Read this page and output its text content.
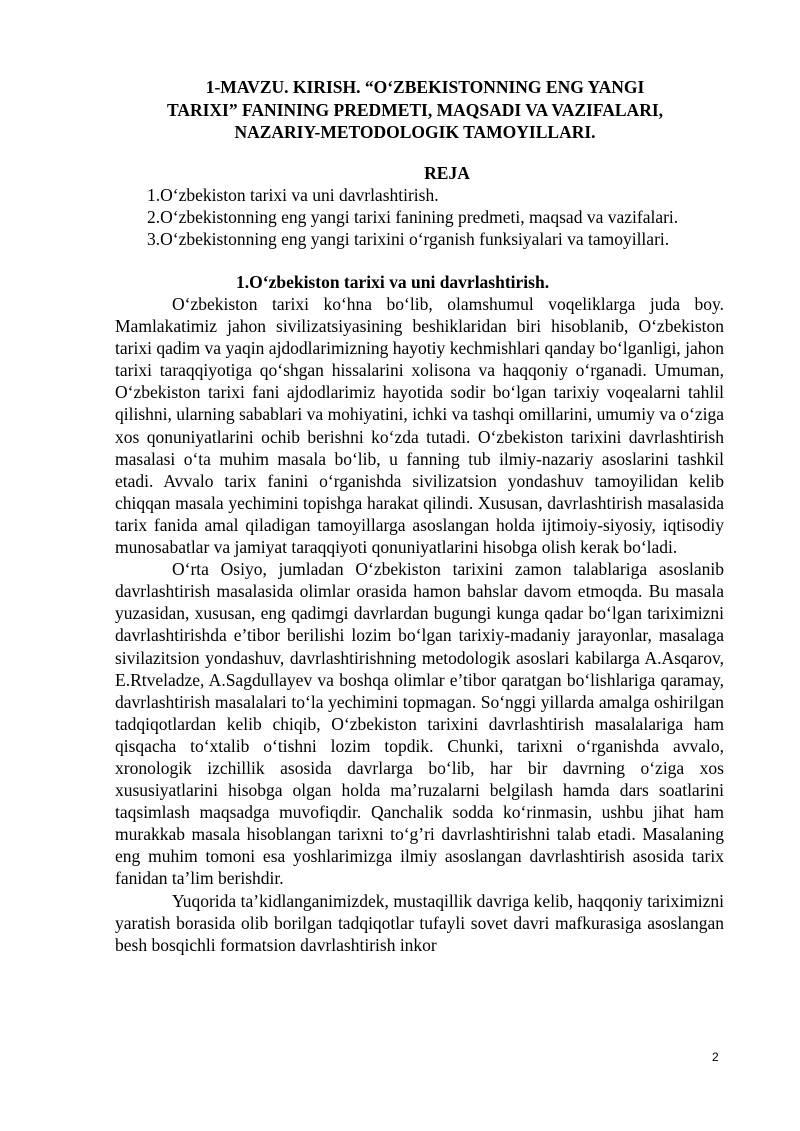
1-MAVZU. KIRISH. “O‘ZBEKISTONNING ENG YANGI
TARIXI” FANINING PREDMETI, MAQSADI VA VAZIFALARI,
NAZARIY-METODOLOGIK TAMOYILLARI.
REJA
1.O‘zbekiston tarixi va uni davrlashtirish.
2.O‘zbekistonning eng yangi tarixi fanining predmeti, maqsad va vazifalari.
3.O‘zbekistonning eng yangi tarixini o‘rganish funksiyalari va tamoyillari.
1.O‘zbekiston tarixi va uni davrlashtirish.

O‘zbekiston tarixi ko‘hna bo‘lib, olamshumul voqeliklarga juda boy. Mamlakatimiz jahon sivilizatsiyasining beshiklaridan biri hisoblanib, O‘zbekiston tarixi qadim va yaqin ajdodlarimizning hayotiy kechmishlari qanday bo‘lganligi, jahon tarixi taraqqiyotiga qo‘shgan hissalarini xolisona va haqqoniy o‘rganadi. Umuman, O‘zbekiston tarixi fani ajdodlarimiz hayotida sodir bo‘lgan tarixiy voqealarni tahlil qilishni, ularning sabablari va mohiyatini, ichki va tashqi omillarini, umumiy va o‘ziga xos qonuniyatlarini ochib berishni ko‘zda tutadi. O‘zbekiston tarixini davrlashtirish masalasi o‘ta muhim masala bo‘lib, u fanning tub ilmiy-nazariy asoslarini tashkil etadi. Avvalo tarix fanini o‘rganishda sivilizatsion yondashuv tamoyilidan kelib chiqqan masala yechimini topishga harakat qilindi. Xususan, davrlashtirish masalasida tarix fanida amal qiladigan tamoyillarga asoslangan holda ijtimoiy-siyosiy, iqtisodiy munosabatlar va jamiyat taraqqiyoti qonuniyatlarini hisobga olish kerak bo‘ladi.

O‘rta Osiyo, jumladan O‘zbekiston tarixini zamon talablariga asoslanib davrlashtirish masalasida olimlar orasida hamon bahslar davom etmoqda. Bu masala yuzasidan, xususan, eng qadimgi davrlardan bugungi kunga qadar bo‘lgan tariximizni davrlashtirishda e’tibor berilishi lozim bo‘lgan tarixiy-madaniy jarayonlar, masalaga sivilazitsion yondashuv, davrlashtirishning metodologik asoslari kabilarga A.Asqarov, E.Rtveladze, A.Sagdullayev va boshqa olimlar e’tibor qaratgan bo‘lishlariga qaramay, davrlashtirish masalalari to‘la yechimini topmagan. So‘nggi yillarda amalga oshirilgan tadqiqotlardan kelib chiqib, O‘zbekiston tarixini davrlashtirish masalalariga ham qisqacha to‘xtalib o‘tishni lozim topdik. Chunki, tarixni o‘rganishda avvalo, xronologik izchillik asosida davrlarga bo‘lib, har bir davrning o‘ziga xos xususiyatlarini hisobga olgan holda ma’ruzalarni belgilash hamda dars soatlarini taqsimlash maqsadga muvofiqdir. Qanchalik sodda ko‘rinmasin, ushbu jihat ham murakkab masala hisoblangan tarixni to‘g’ri davrlashtirishni talab etadi. Masalaning eng muhim tomoni esa yoshlarimizga ilmiy asoslangan davrlashtirish asosida tarix fanidan ta’lim berishdir.

Yuqorida ta’kidlanganimizdek, mustaqillik davriga kelib, haqqoniy tariximizni yaratish borasida olib borilgan tadqiqotlar tufayli sovet davri mafkurasiga asoslangan besh bosqichli formatsion davrlashtirish inkor

2
